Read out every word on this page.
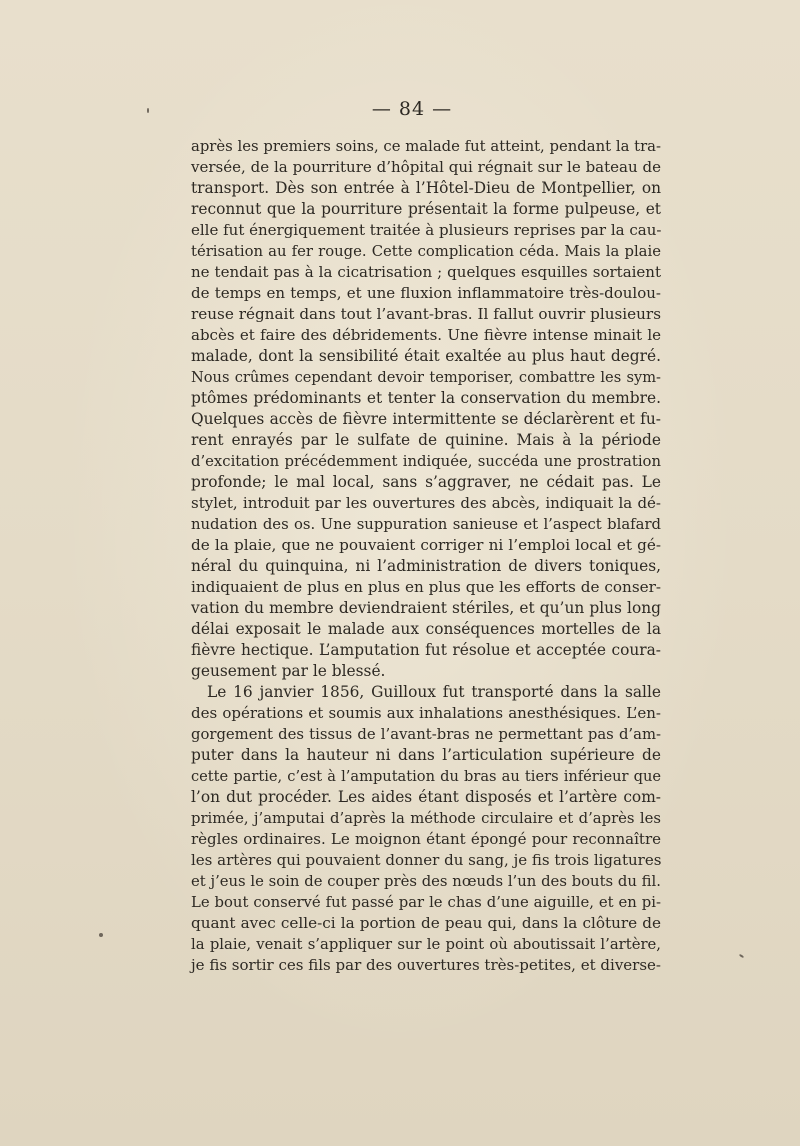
— 84 —
après les premiers soins, ce malade fut atteint, pendant la tra-
versée, de la pourriture d’hôpital qui régnait sur le bateau de
transport. Dès son entrée à l’Hôtel-Dieu de Montpellier, on
reconnut que la pourriture présentait la forme pulpeuse, et
elle fut énergiquement traitée à plusieurs reprises par la cau-
térisation au fer rouge. Cette complication céda. Mais la plaie
ne tendait pas à la cicatrisation ; quelques esquilles sortaient
de temps en temps, et une fluxion inflammatoire très-doulou-
reuse régnait dans tout l’avant-bras. Il fallut ouvrir plusieurs
abcès et faire des débridements. Une fièvre intense minait le
malade, dont la sensibilité était exaltée au plus haut degré.
Nous crûmes cependant devoir temporiser, combattre les sym-
ptômes prédominants et tenter la conservation du membre.
Quelques accès de fièvre intermittente se déclarèrent et fu-
rent enrayés par le sulfate de quinine. Mais à la période
d’excitation précédemment indiquée, succéda une prostration
profonde; le mal local, sans s’aggraver, ne cédait pas. Le
stylet, introduit par les ouvertures des abcès, indiquait la dé-
nudation des os. Une suppuration sanieuse et l’aspect blafard
de la plaie, que ne pouvaient corriger ni l’emploi local et gé-
néral du quinquina, ni l’administration de divers toniques,
indiquaient de plus en plus en plus que les efforts de conser-
vation du membre deviendraient stériles, et qu’un plus long
délai exposait le malade aux conséquences mortelles de la
fièvre hectique. L’amputation fut résolue et acceptée coura-
geusement par le blessé.
Le 16 janvier 1856, Guilloux fut transporté dans la salle
des opérations et soumis aux inhalations anesthésiques. L’en-
gorgement des tissus de l’avant-bras ne permettant pas d’am-
puter dans la hauteur ni dans l’articulation supérieure de
cette partie, c’est à l’amputation du bras au tiers inférieur que
l’on dut procéder. Les aides étant disposés et l’artère com-
primée, j’amputai d’après la méthode circulaire et d’après les
règles ordinaires. Le moignon étant épongé pour reconnaître
les artères qui pouvaient donner du sang, je fis trois ligatures
et j’eus le soin de couper près des nœuds l’un des bouts du fil.
Le bout conservé fut passé par le chas d’une aiguille, et en pi-
quant avec celle-ci la portion de peau qui, dans la clôture de
la plaie, venait s’appliquer sur le point où aboutissait l’artère,
je fis sortir ces fils par des ouvertures très-petites, et diverse-
